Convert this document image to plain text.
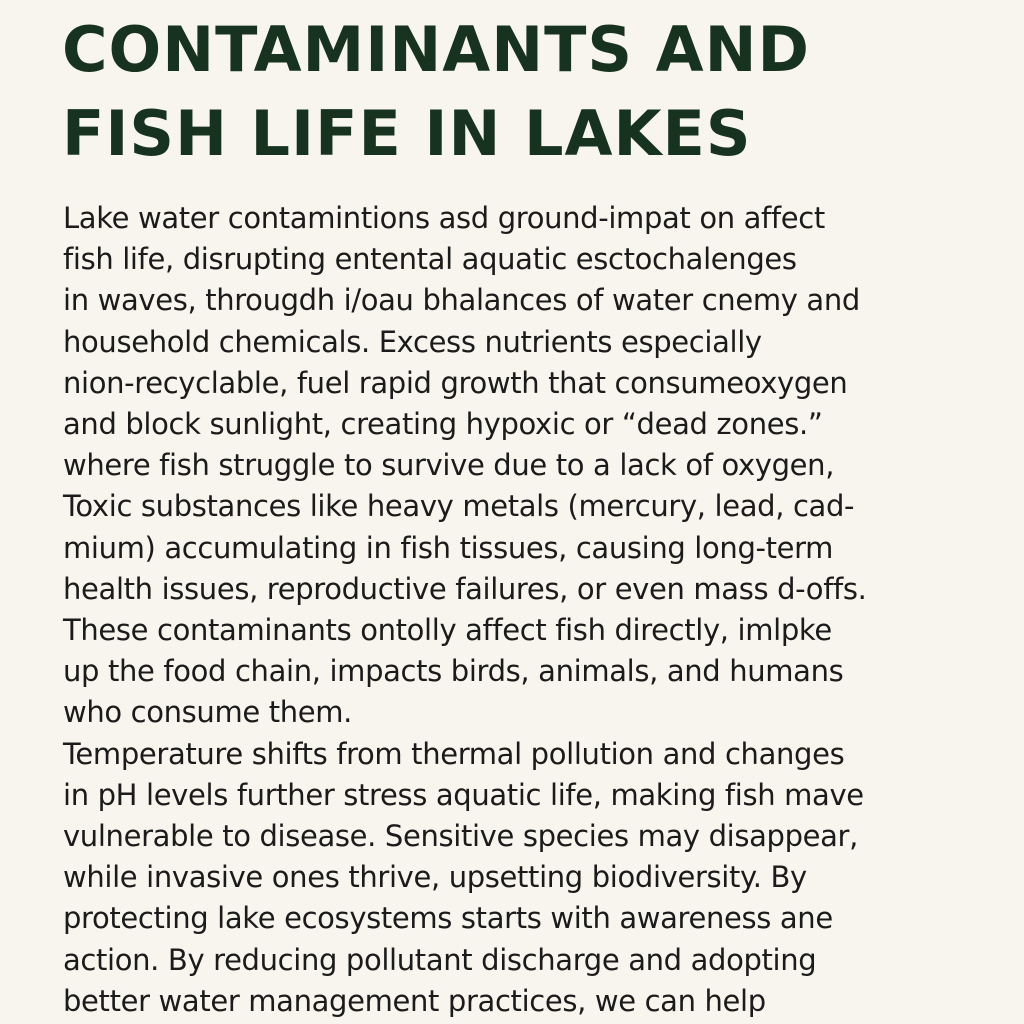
CONTAMINANTS AND
FISH LIFE IN LAKES
Lake water contamintions asd ground-impat on affect
fish life, disrupting entental aquatic esctochalenges
in waves, througdh i/oau bhalances of water cnemy and
household chemicals. Excess nutrients especially
nion-recyclable, fuel rapid growth that consumeoxygen
and block sunlight, creating hypoxic or “dead zones.”
where fish struggle to survive due to a lack of oxygen,
Toxic substances like heavy metals (mercury, lead, cad-
mium) accumulating in fish tissues, causing long-term
health issues, reproductive failures, or even mass d-offs.
These contaminants ontolly affect fish directly, imlpke
up the food chain, impacts birds, animals, and humans
who consume them.
Temperature shifts from thermal pollution and changes
in pH levels further stress aquatic life, making fish mave
vulnerable to disease. Sensitive species may disappear,
while invasive ones thrive, upsetting biodiversity. By
protecting lake ecosystems starts with awareness ane
action. By reducing pollutant discharge and adopting
better water management practices, we can help
